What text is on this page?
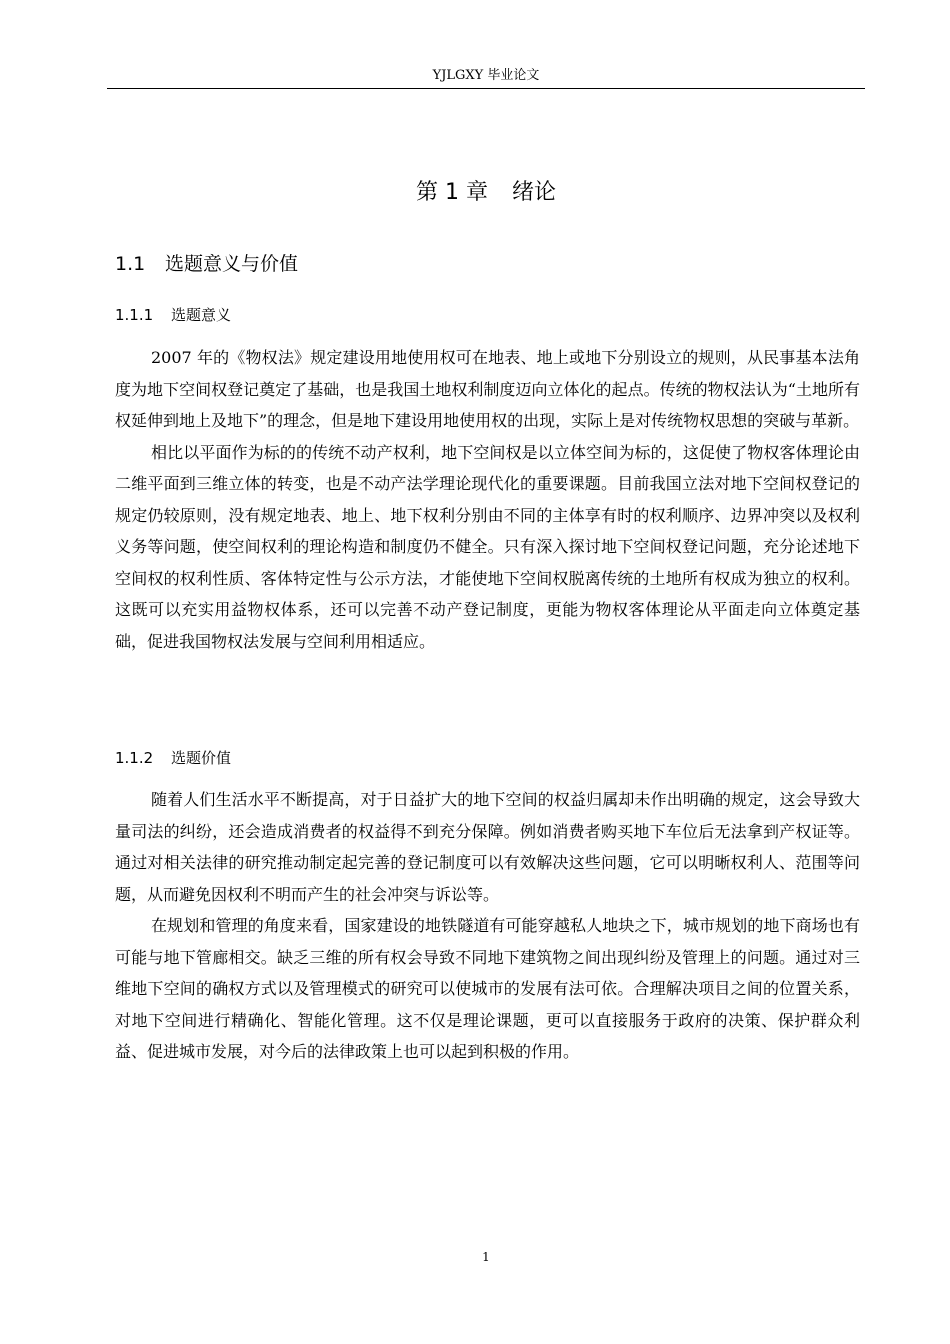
YJLGXY 毕业论文
第 1 章 绪论
1.1 选题意义与价值
1.1.1 选题意义

2007 年的《物权法》规定建设用地使用权可在地表、地上或地下分别设立的规则，从民事基本法角度为地下空间权登记奠定了基础，也是我国土地权利制度迈向立体化的起点。传统的物权法认为“土地所有权延伸到地上及地下”的理念，但是地下建设用地使用权的出现，实际上是对传统物权思想的突破与革新。

相比以平面作为标的的传统不动产权利，地下空间权是以立体空间为标的，这促使了物权客体理论由二维平面到三维立体的转变，也是不动产法学理论现代化的重要课题。目前我国立法对地下空间权登记的规定仍较原则，没有规定地表、地上、地下权利分别由不同的主体享有时的权利顺序、边界冲突以及权利义务等问题，使空间权利的理论构造和制度仍不健全。只有深入探讨地下空间权登记问题，充分论述地下空间权的权利性质、客体特定性与公示方法，才能使地下空间权脱离传统的土地所有权成为独立的权利。这既可以充实用益物权体系，还可以完善不动产登记制度，更能为物权客体理论从平面走向立体奠定基础，促进我国物权法发展与空间利用相适应。

1.1.2 选题价值

随着人们生活水平不断提高，对于日益扩大的地下空间的权益归属却未作出明确的规定，这会导致大量司法的纠纷，还会造成消费者的权益得不到充分保障。例如消费者购买地下车位后无法拿到产权证等。通过对相关法律的研究推动制定起完善的登记制度可以有效解决这些问题，它可以明晰权利人、范围等问题，从而避免因权利不明而产生的社会冲突与诉讼等。

在规划和管理的角度来看，国家建设的地铁隧道有可能穿越私人地块之下，城市规划的地下商场也有可能与地下管廊相交。缺乏三维的所有权会导致不同地下建筑物之间出现纠纷及管理上的问题。通过对三维地下空间的确权方式以及管理模式的研究可以使城市的发展有法可依。合理解决项目之间的位置关系，对地下空间进行精确化、智能化管理。这不仅是理论课题，更可以直接服务于政府的决策、保护群众利益、促进城市发展，对今后的法律政策上也可以起到积极的作用。

1
